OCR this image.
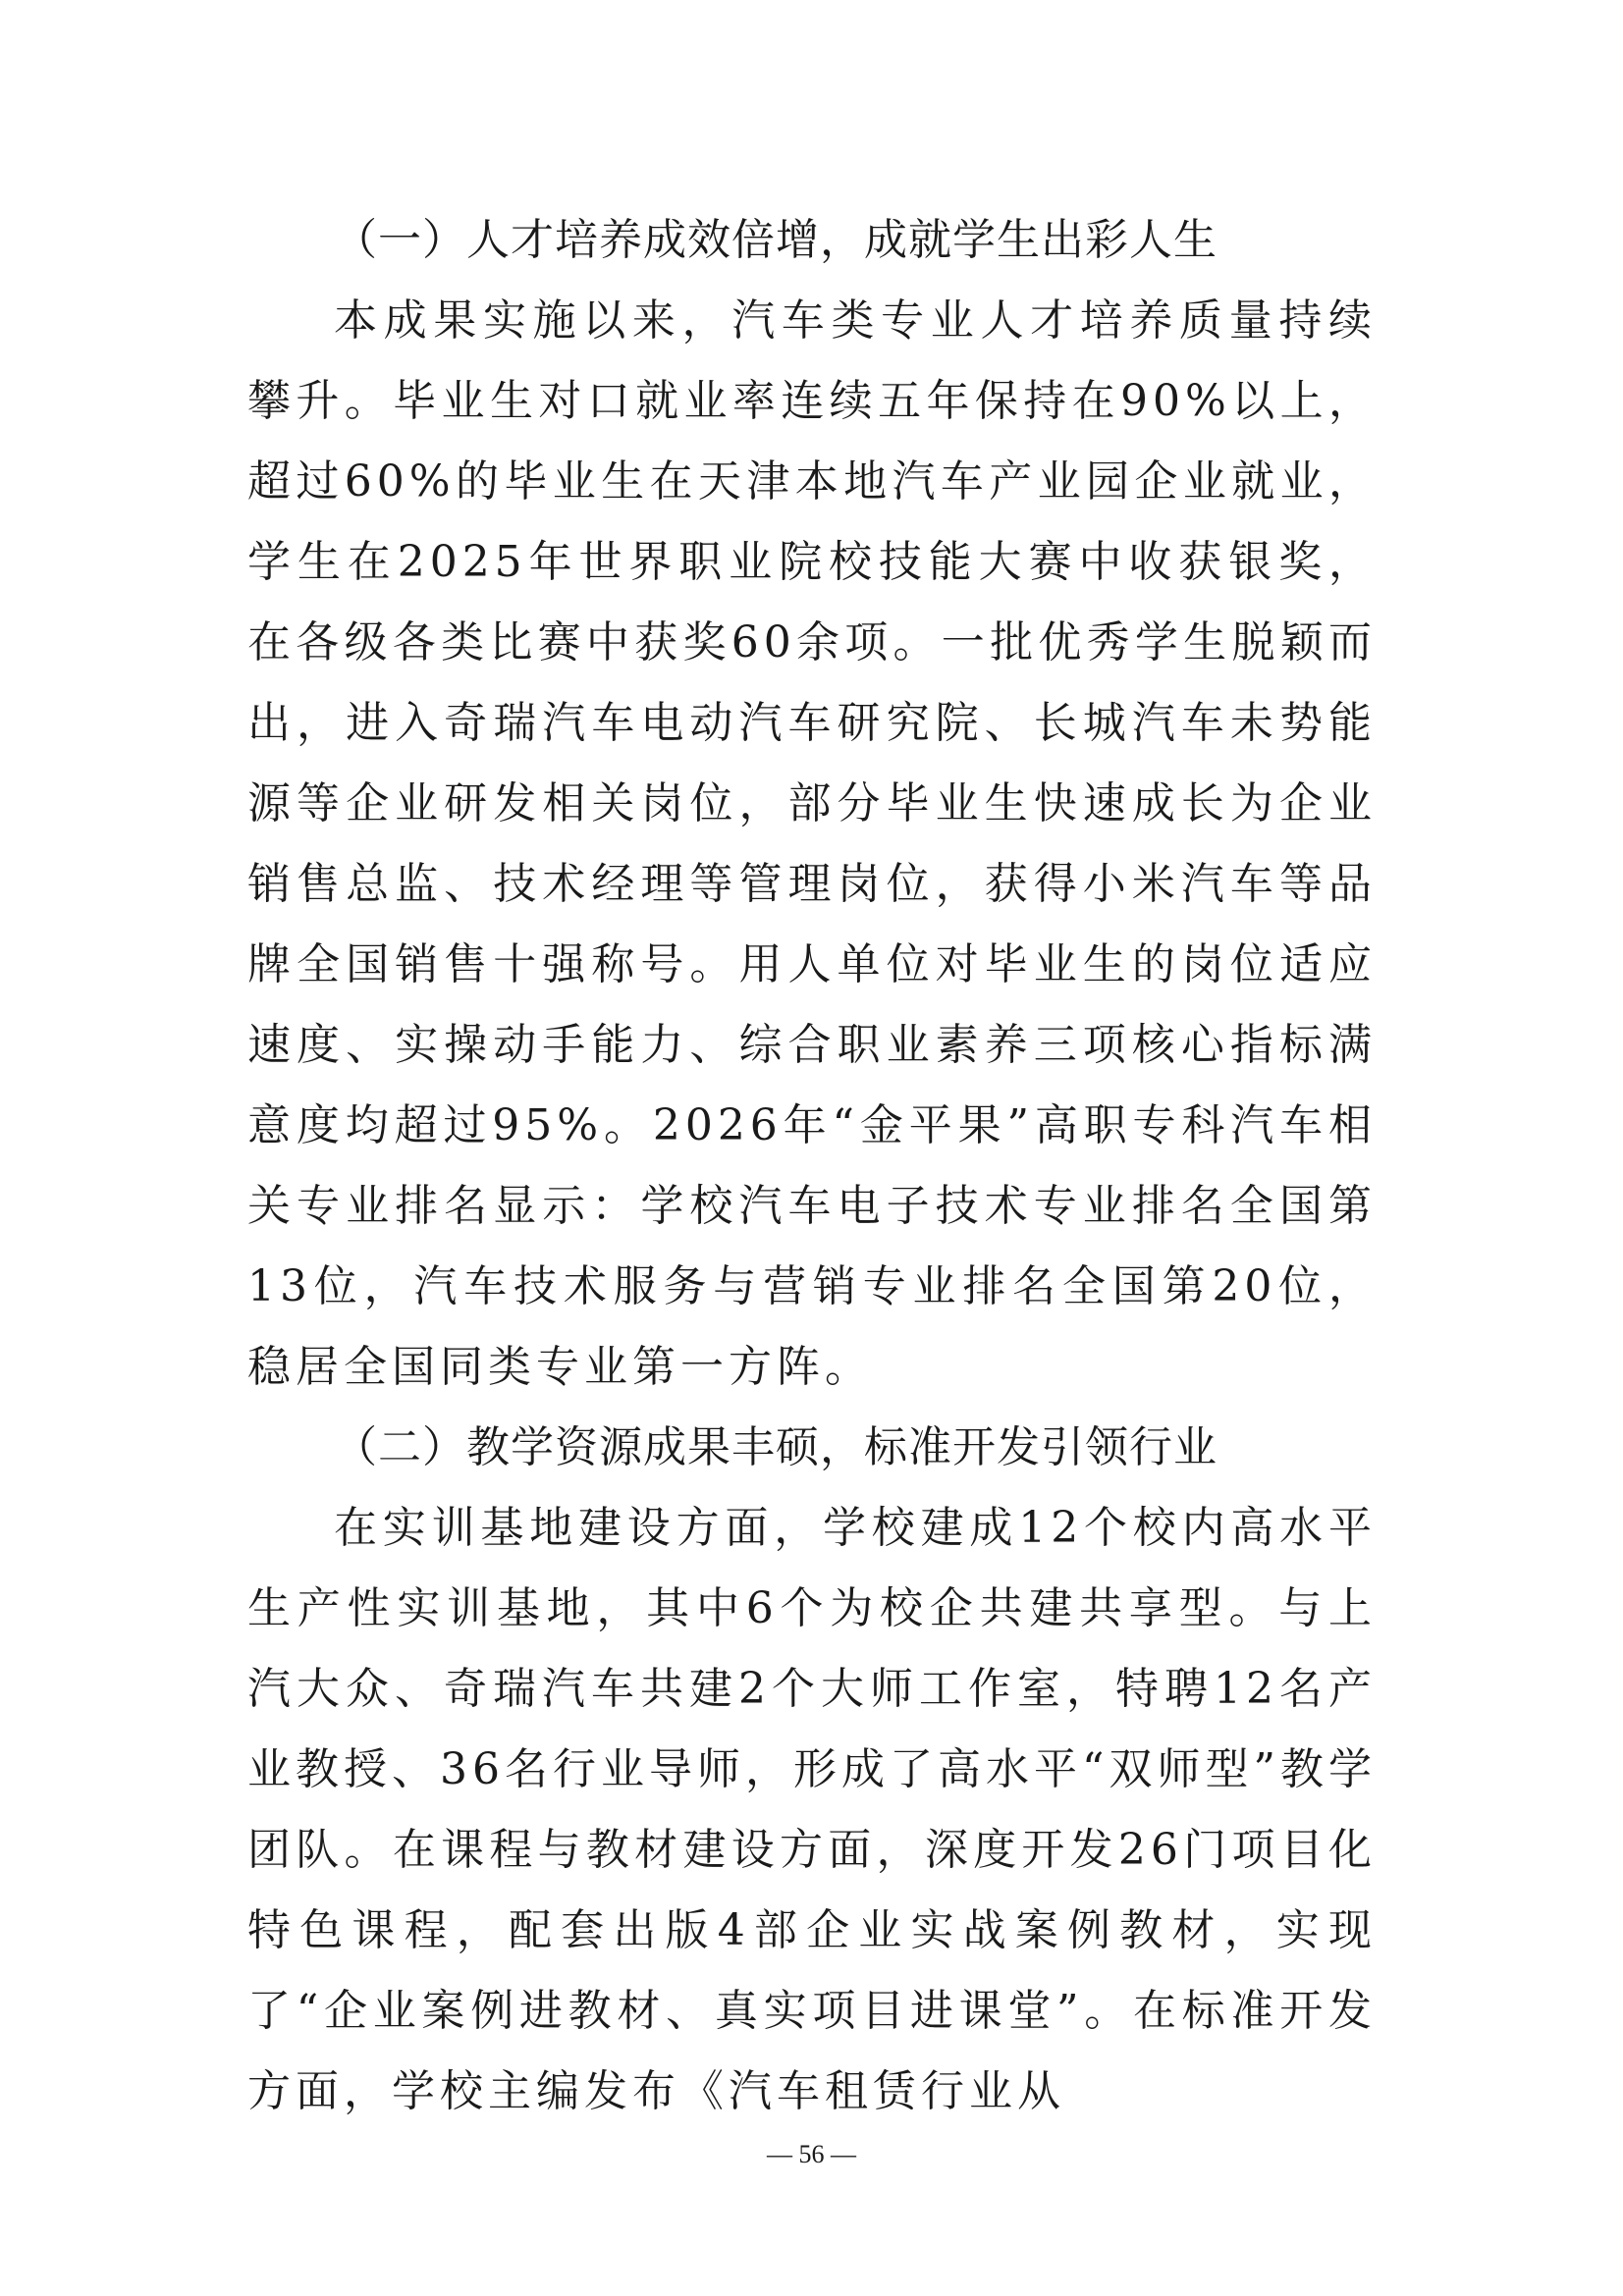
（一）人才培养成效倍增，成就学生出彩人生

本成果实施以来，汽车类专业人才培养质量持续攀升。毕业生对口就业率连续五年保持在90%以上，超过60%的毕业生在天津本地汽车产业园企业就业，学生在2025年世界职业院校技能大赛中收获银奖，在各级各类比赛中获奖60余项。一批优秀学生脱颖而出，进入奇瑞汽车电动汽车研究院、长城汽车未势能源等企业研发相关岗位，部分毕业生快速成长为企业销售总监、技术经理等管理岗位，获得小米汽车等品牌全国销售十强称号。用人单位对毕业生的岗位适应速度、实操动手能力、综合职业素养三项核心指标满意度均超过95%。2026年“金平果”高职专科汽车相关专业排名显示：学校汽车电子技术专业排名全国第13位，汽车技术服务与营销专业排名全国第20位，稳居全国同类专业第一方阵。

（二）教学资源成果丰硕，标准开发引领行业

在实训基地建设方面，学校建成12个校内高水平生产性实训基地，其中6个为校企共建共享型。与上汽大众、奇瑞汽车共建2个大师工作室，特聘12名产业教授、36名行业导师，形成了高水平“双师型”教学团队。在课程与教材建设方面，深度开发26门项目化特色课程，配套出版4部企业实战案例教材，实现了“企业案例进教材、真实项目进课堂”。在标准开发方面，学校主编发布《汽车租赁行业从

— 56 —
